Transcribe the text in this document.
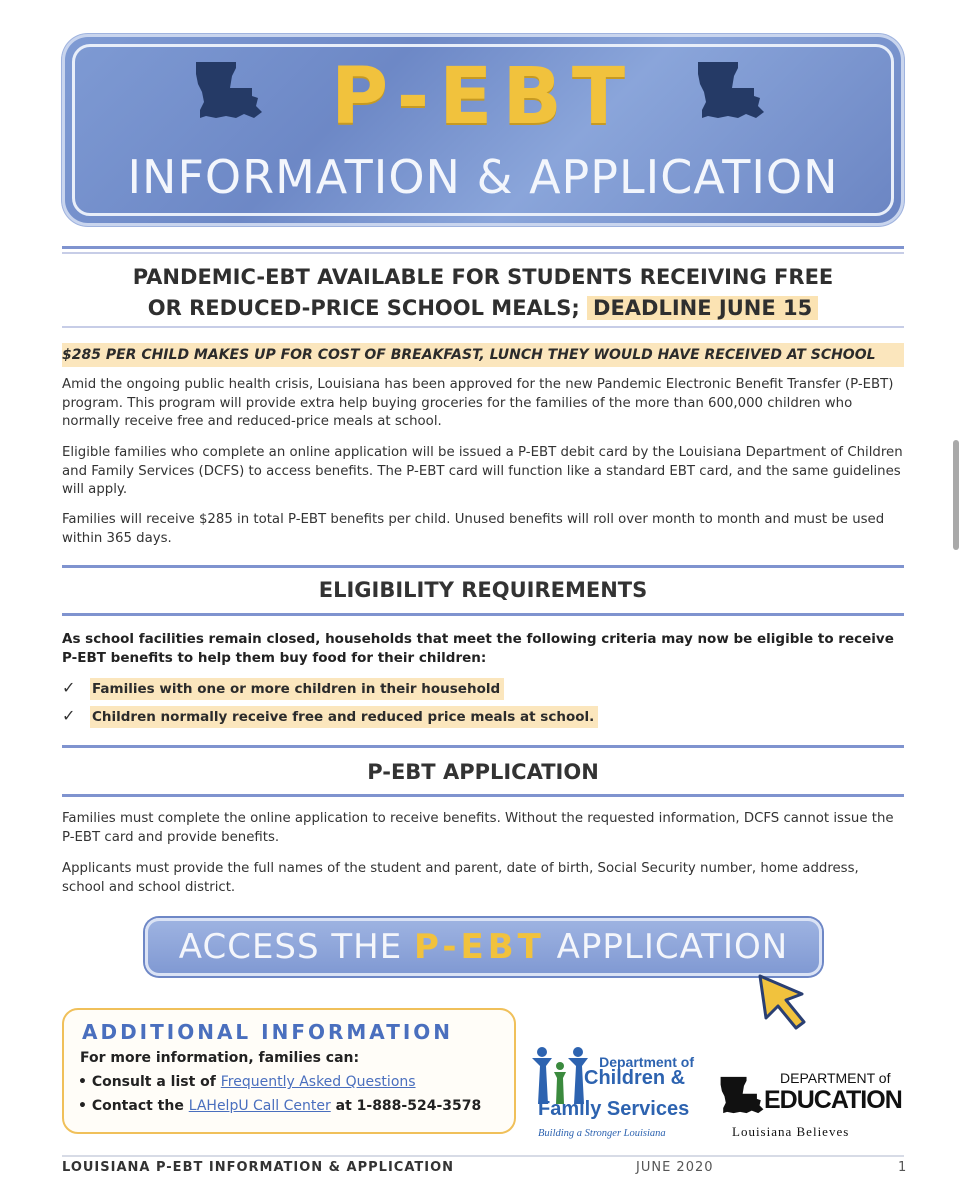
P-EBT
INFORMATION & APPLICATION
PANDEMIC-EBT AVAILABLE FOR STUDENTS RECEIVING FREE
OR REDUCED-PRICE SCHOOL MEALS; DEADLINE JUNE 15
$285 PER CHILD MAKES UP FOR COST OF BREAKFAST, LUNCH THEY WOULD HAVE RECEIVED AT SCHOOL
Amid the ongoing public health crisis, Louisiana has been approved for the new Pandemic Electronic Benefit Transfer (P-EBT) program. This program will provide extra help buying groceries for the families of the more than 600,000 children who normally receive free and reduced-price meals at school.
Eligible families who complete an online application will be issued a P-EBT debit card by the Louisiana Department of Children and Family Services (DCFS) to access benefits. The P-EBT card will function like a standard EBT card, and the same guidelines will apply.
Families will receive $285 in total P-EBT benefits per child. Unused benefits will roll over month to month and must be used within 365 days.
ELIGIBILITY REQUIREMENTS
As school facilities remain closed, households that meet the following criteria may now be eligible to receive P-EBT benefits to help them buy food for their children:
✓ Families with one or more children in their household
✓ Children normally receive free and reduced price meals at school.
P-EBT APPLICATION
Families must complete the online application to receive benefits. Without the requested information, DCFS cannot issue the P-EBT card and provide benefits.
Applicants must provide the full names of the student and parent, date of birth, Social Security number, home address, school and school district.
ACCESS THE P-EBT APPLICATION
ADDITIONAL INFORMATION
For more information, families can:
• Consult a list of Frequently Asked Questions
• Contact the LAHelpU Call Center at 1-888-524-3578
Department of
Children &
Family Services
Building a Stronger Louisiana
DEPARTMENT of
EDUCATION
Louisiana Believes
LOUISIANA P-EBT INFORMATION & APPLICATION	JUNE 2020	1
